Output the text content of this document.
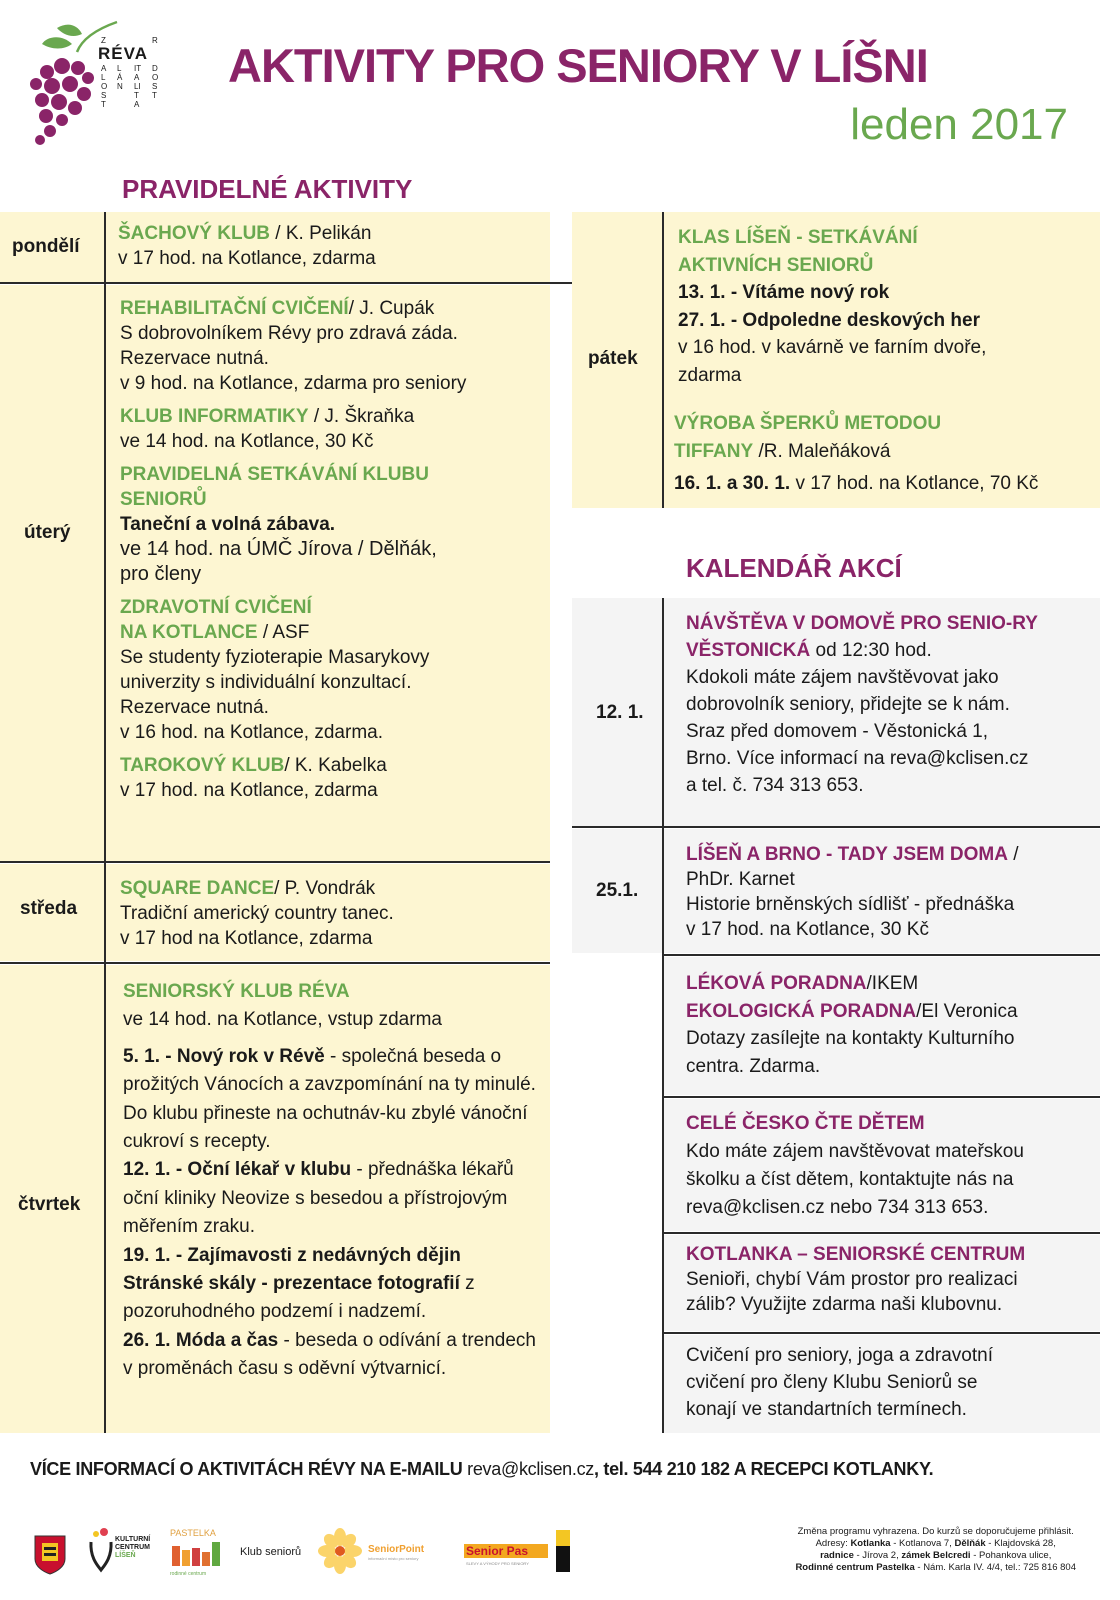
RÉVA
Z
ALOST
LÁN
ITALITA
R
DOST
AKTIVITY PRO SENIORY V LÍŠNI
leden 2017
PRAVIDELNÉ AKTIVITY
pondělí

ŠACHOVÝ KLUB / K. Pelikán

v 17 hod. na Kotlance, zdarma

úterý

REHABILITAČNÍ CVIČENÍ/ J. Cupák

S dobrovolníkem Révy pro zdravá záda.

Rezervace nutná.

v 9 hod. na Kotlance, zdarma pro seniory

KLUB INFORMATIKY / J. Škraňka

ve 14 hod. na Kotlance, 30 Kč

PRAVIDELNÁ SETKÁVÁNÍ KLUBU SENIORŮ

Taneční a volná zábava.

ve 14 hod. na ÚMČ Jírova / Dělňák,

pro členy

ZDRAVOTNÍ CVIČENÍ

NA KOTLANCE / ASF

Se studenty fyzioterapie Masarykovy

univerzity s individuální konzultací.

Rezervace nutná.

v 16 hod. na Kotlance, zdarma.

TAROKOVÝ KLUB/ K. Kabelka

v 17 hod. na Kotlance, zdarma

středa

SQUARE DANCE/ P. Vondrák

Tradiční americký country tanec.

v 17 hod na Kotlance, zdarma

čtvrtek

SENIORSKÝ KLUB RÉVA

ve 14 hod. na Kotlance, vstup zdarma

5. 1. - Nový rok v Révě - společná beseda o prožitých Vánocích a zavzpomínání na ty minulé. Do klubu přineste na ochutnáv-ku zbylé vánoční cukroví s recepty.

12. 1. - Oční lékař v klubu - přednáška lékařů oční kliniky Neovize s besedou a přístrojovým měřením zraku.

19. 1. - Zajímavosti z nedávných dějin Stránské skály - prezentace fotografií z pozoruhodného podzemí i nadzemí.

26. 1. Móda a čas - beseda o odívání a trendech v proměnách času s oděvní výtvarnicí.

pátek

KLAS LÍŠEŇ - SETKÁVÁNÍ

AKTIVNÍCH SENIORŮ

13. 1. - Vítáme nový rok

27. 1. - Odpoledne deskových her

v 16 hod. v kavárně ve farním dvoře,

zdarma

VÝROBA ŠPERKŮ METODOU

TIFFANY /R. Maleňáková

16. 1. a 30. 1. v 17 hod. na Kotlance, 70 Kč

KALENDÁŘ AKCÍ
12. 1.

NÁVŠTĚVA V DOMOVĚ PRO SENIO-RY VĚSTONICKÁ od 12:30 hod.

Kdokoli máte zájem navštěvovat jako

dobrovolník seniory, přidejte se k nám.

Sraz před domovem - Věstonická 1,

Brno. Více informací na reva@kclisen.cz

a tel. č. 734 313 653.

25.1.

LÍŠEŇ A BRNO - TADY JSEM DOMA /

PhDr. Karnet

Historie brněnských sídlišť - přednáška

v 17 hod. na Kotlance, 30 Kč

LÉKOVÁ PORADNA/IKEM

EKOLOGICKÁ PORADNA/El Veronica

Dotazy zasílejte na kontakty Kulturního

centra. Zdarma.

CELÉ ČESKO ČTE DĚTEM

Kdo máte zájem navštěvovat mateřskou

školku a číst dětem, kontaktujte nás na

reva@kclisen.cz nebo 734 313 653.

KOTLANKA – SENIORSKÉ CENTRUM

Senioři, chybí Vám prostor pro realizaci

zálib? Využijte zdarma naši klubovnu.

Cvičení pro seniory, joga a zdravotní

cvičení pro členy Klubu Seniorů se

konají ve standartních termínech.

VÍCE INFORMACÍ O AKTIVITÁCH RÉVY NA E-MAILU reva@kclisen.cz, tel. 544 210 182 A RECEPCI KOTLANKY.
KULTURNÍ
CENTRUM
LÍŠEŇ
PASTELKA
rodinné centrum
Klub seniorů	SeniorPoint
informační místo pro seniory
Senior Pas
SLEVY A VÝHODY PRO SENIORY
Změna programu vyhrazena. Do kurzů se doporučujeme přihlásit.
Adresy: Kotlanka - Kotlanova 7, Dělňák - Klajdovská 28,
radnice - Jírova 2, zámek Belcredi - Pohankova ulice,
Rodinné centrum Pastelka - Nám. Karla IV. 4/4, tel.: 725 816 804
